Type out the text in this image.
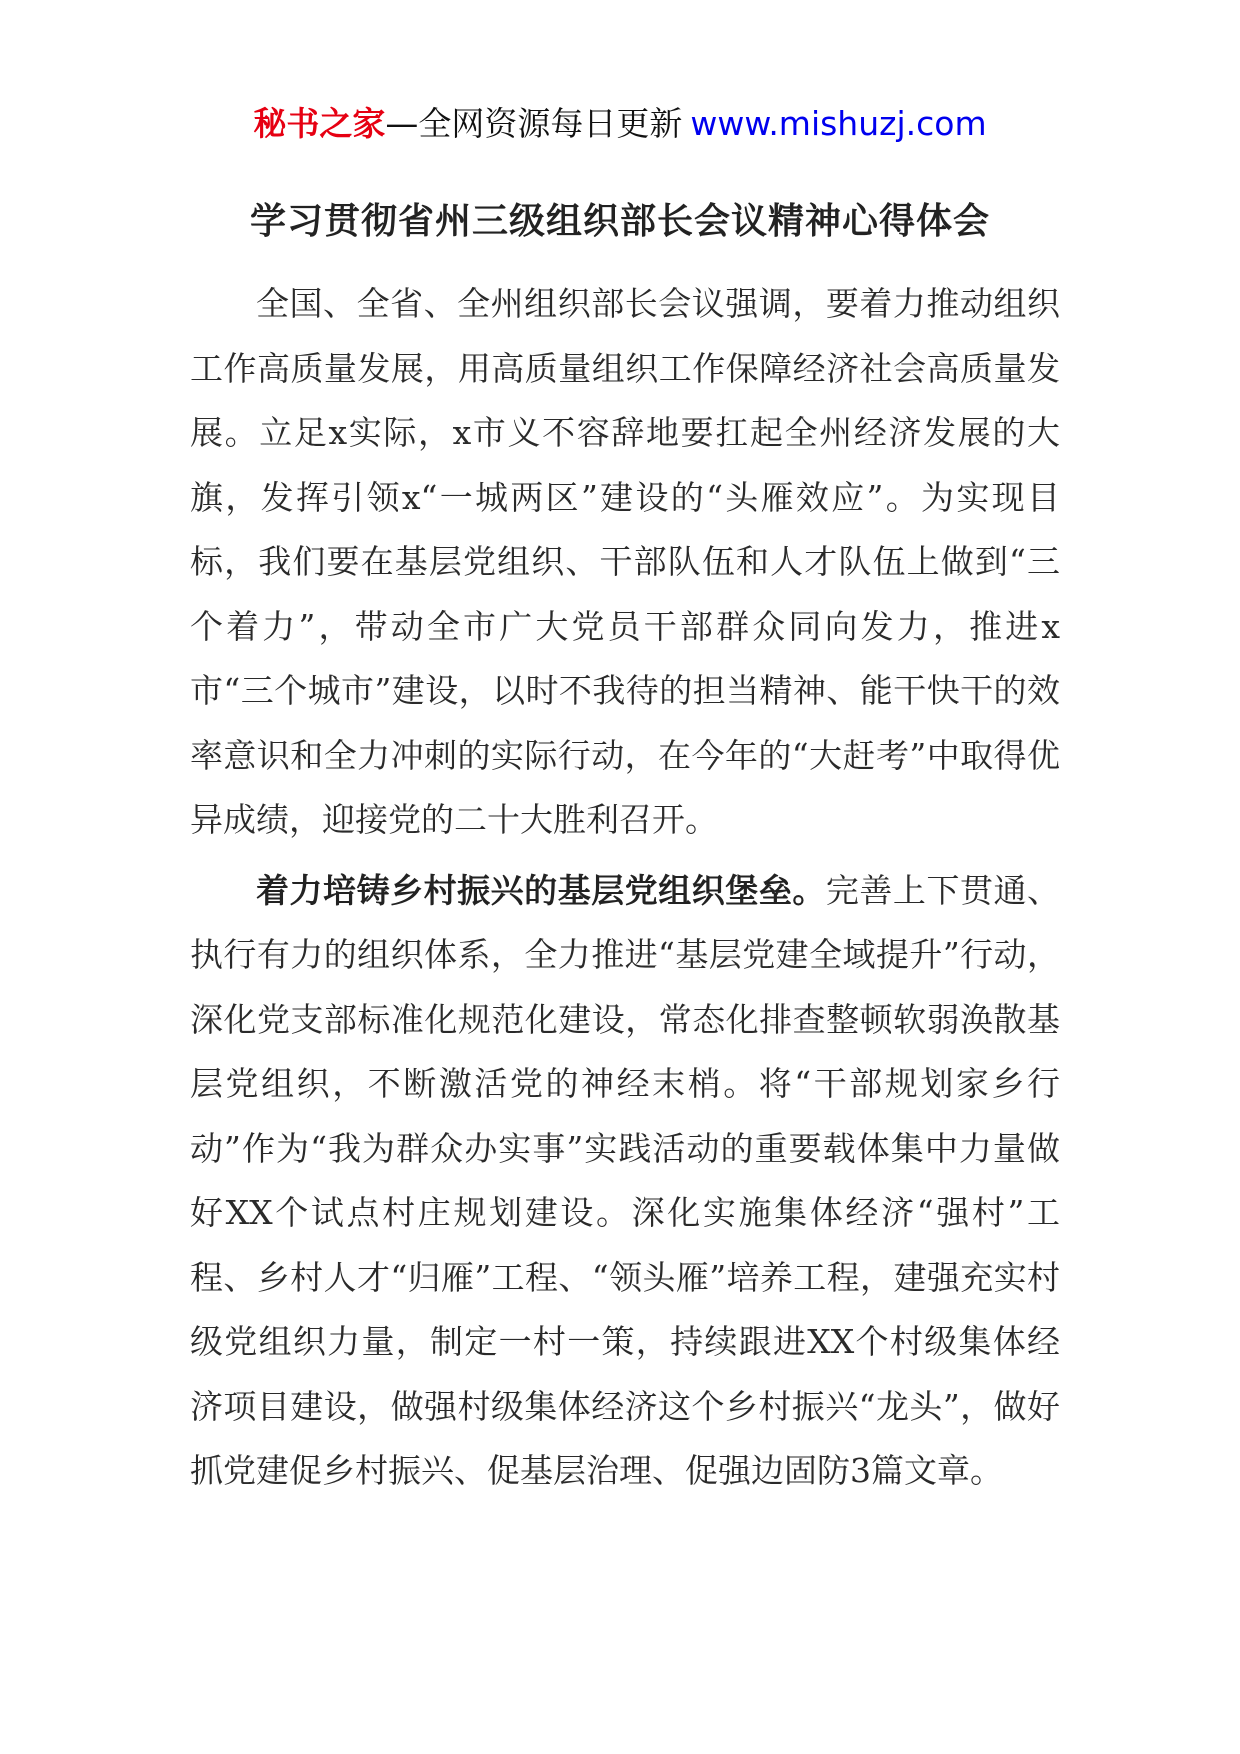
秘书之家—全网资源每日更新 www.mishuzj.com
学习贯彻省州三级组织部长会议精神心得体会

全国、全省、全州组织部长会议强调，要着力推动组织工作高质量发展，用高质量组织工作保障经济社会高质量发展。立足x实际，x市义不容辞地要扛起全州经济发展的大旗，发挥引领x“一城两区”建设的“头雁效应”。为实现目标，我们要在基层党组织、干部队伍和人才队伍上做到“三个着力”，带动全市广大党员干部群众同向发力，推进x市“三个城市”建设，以时不我待的担当精神、能干快干的效率意识和全力冲刺的实际行动，在今年的“大赶考”中取得优异成绩，迎接党的二十大胜利召开。

着力培铸乡村振兴的基层党组织堡垒。完善上下贯通、执行有力的组织体系，全力推进“基层党建全域提升”行动，深化党支部标准化规范化建设，常态化排查整顿软弱涣散基层党组织，不断激活党的神经末梢。将“干部规划家乡行动”作为“我为群众办实事”实践活动的重要载体集中力量做好XX个试点村庄规划建设。深化实施集体经济“强村”工程、乡村人才“归雁”工程、“领头雁”培养工程，建强充实村级党组织力量，制定一村一策，持续跟进XX个村级集体经济项目建设，做强村级集体经济这个乡村振兴“龙头”，做好抓党建促乡村振兴、促基层治理、促强边固防3篇文章。
